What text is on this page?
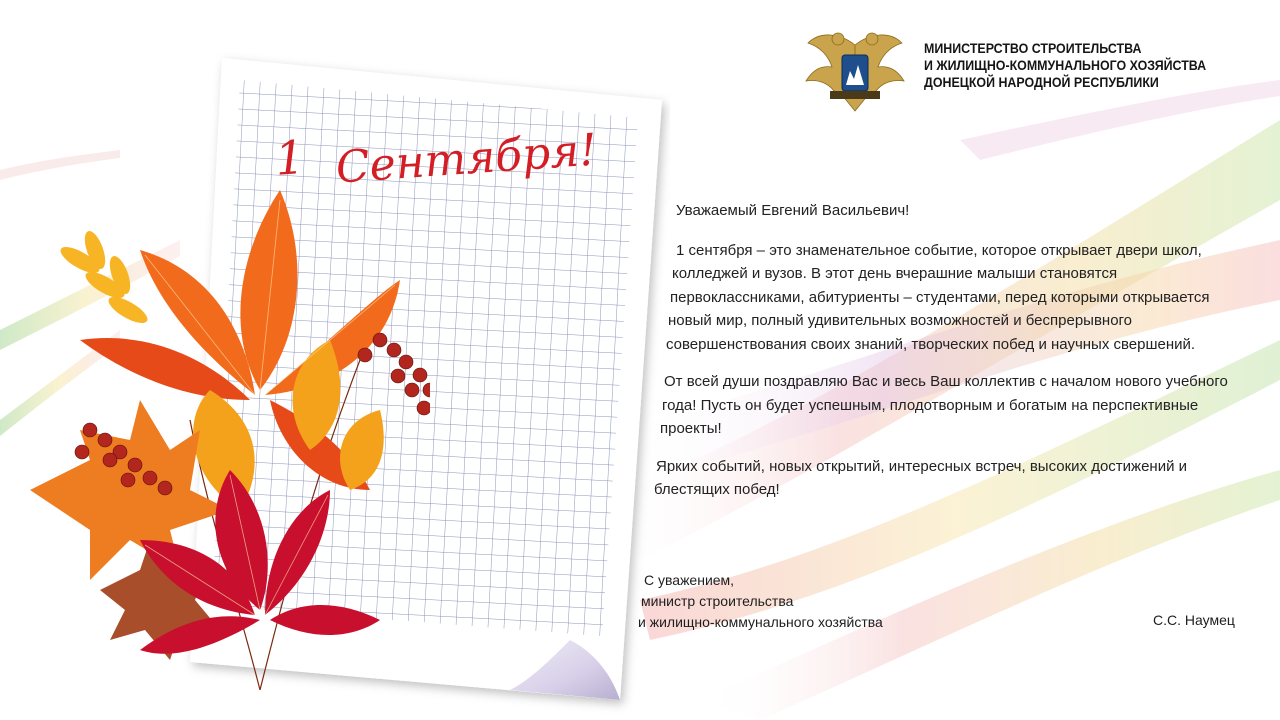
1 Сентября!
МИНИСТЕРСТВО СТРОИТЕЛЬСТВА
И ЖИЛИЩНО-КОММУНАЛЬНОГО ХОЗЯЙСТВА
ДОНЕЦКОЙ НАРОДНОЙ РЕСПУБЛИКИ

Уважаемый Евгений Васильевич!

1 сентября – это знаменательное событие, которое открывает двери школ,
колледжей и вузов. В этот день вчерашние малыши становятся
первоклассниками, абитуриенты – студентами, перед которыми открывается
новый мир, полный удивительных возможностей и беспрерывного
совершенствования своих знаний, творческих побед и научных свершений.
От всей души поздравляю Вас и весь Ваш коллектив с началом нового учебного
года! Пусть он будет успешным, плодотворным и богатым на перспективные
проекты!
Ярких событий, новых открытий, интересных встреч, высоких достижений и
блестящих побед!
С уважением,
министр строительства
и жилищно-коммунального хозяйства	С.С. Наумец
